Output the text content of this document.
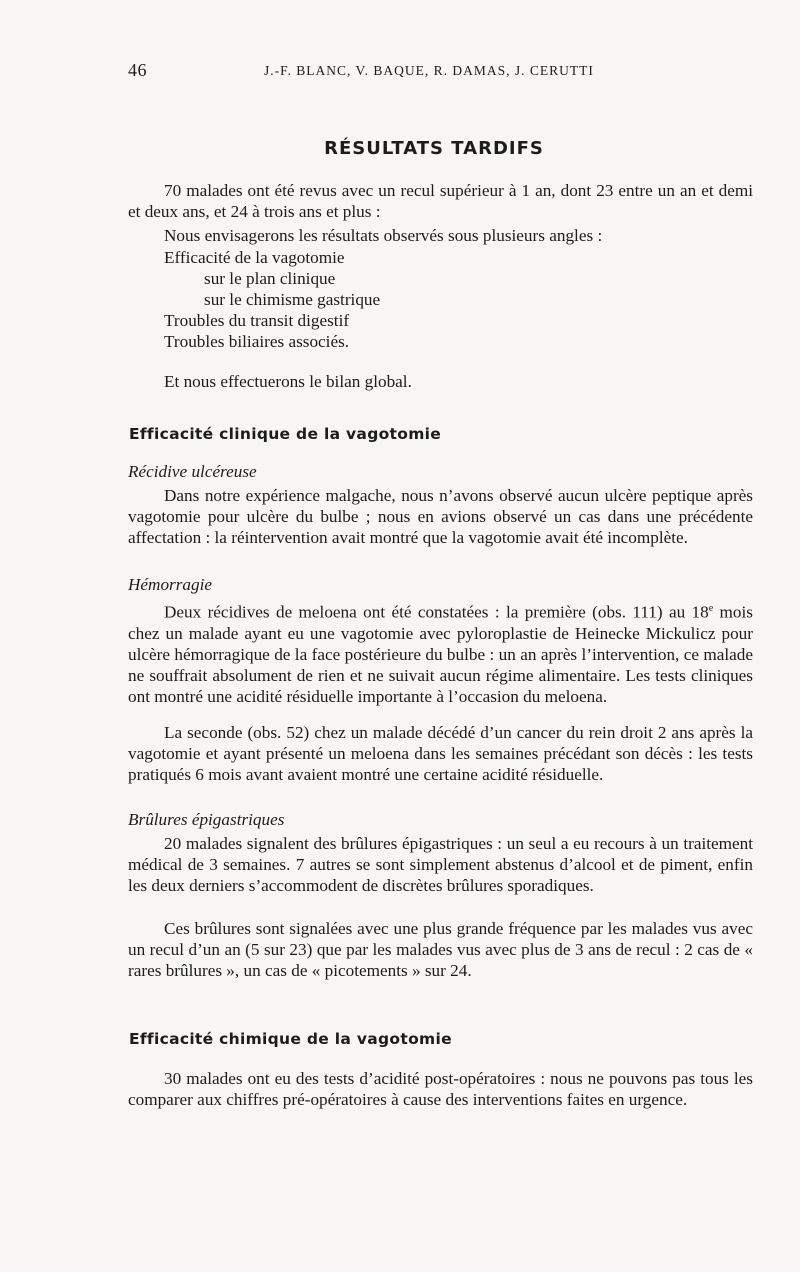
46	J.-F. BLANC, V. BAQUE, R. DAMAS, J. CERUTTI
RÉSULTATS TARDIFS
70 malades ont été revus avec un recul supérieur à 1 an, dont 23 entre un an et demi et deux ans, et 24 à trois ans et plus :
Nous envisagerons les résultats observés sous plusieurs angles :
Efficacité de la vagotomie
sur le plan clinique
sur le chimisme gastrique
Troubles du transit digestif
Troubles biliaires associés.
Et nous effectuerons le bilan global.
Efficacité clinique de la vagotomie
Récidive ulcéreuse
Dans notre expérience malgache, nous n’avons observé aucun ulcère peptique après vagotomie pour ulcère du bulbe ; nous en avions observé un cas dans une précédente affectation : la réintervention avait montré que la vagotomie avait été incomplète.
Hémorragie
Deux récidives de meloena ont été constatées : la première (obs. 111) au 18e mois chez un malade ayant eu une vagotomie avec pyloroplastie de Heinecke Mickulicz pour ulcère hémorragique de la face postérieure du bulbe : un an après l’intervention, ce malade ne souffrait absolument de rien et ne suivait aucun régime alimentaire. Les tests cliniques ont montré une acidité résiduelle importante à l’occasion du meloena.
La seconde (obs. 52) chez un malade décédé d’un cancer du rein droit 2 ans après la vagotomie et ayant présenté un meloena dans les semaines précédant son décès : les tests pratiqués 6 mois avant avaient montré une certaine acidité résiduelle.
Brûlures épigastriques
20 malades signalent des brûlures épigastriques : un seul a eu recours à un traitement médical de 3 semaines. 7 autres se sont simplement abstenus d’alcool et de piment, enfin les deux derniers s’accommodent de discrètes brûlures sporadiques.
Ces brûlures sont signalées avec une plus grande fréquence par les malades vus avec un recul d’un an (5 sur 23) que par les malades vus avec plus de 3 ans de recul : 2 cas de « rares brûlures », un cas de « picotements » sur 24.
Efficacité chimique de la vagotomie
30 malades ont eu des tests d’acidité post-opératoires : nous ne pouvons pas tous les comparer aux chiffres pré-opératoires à cause des interventions faites en urgence.
